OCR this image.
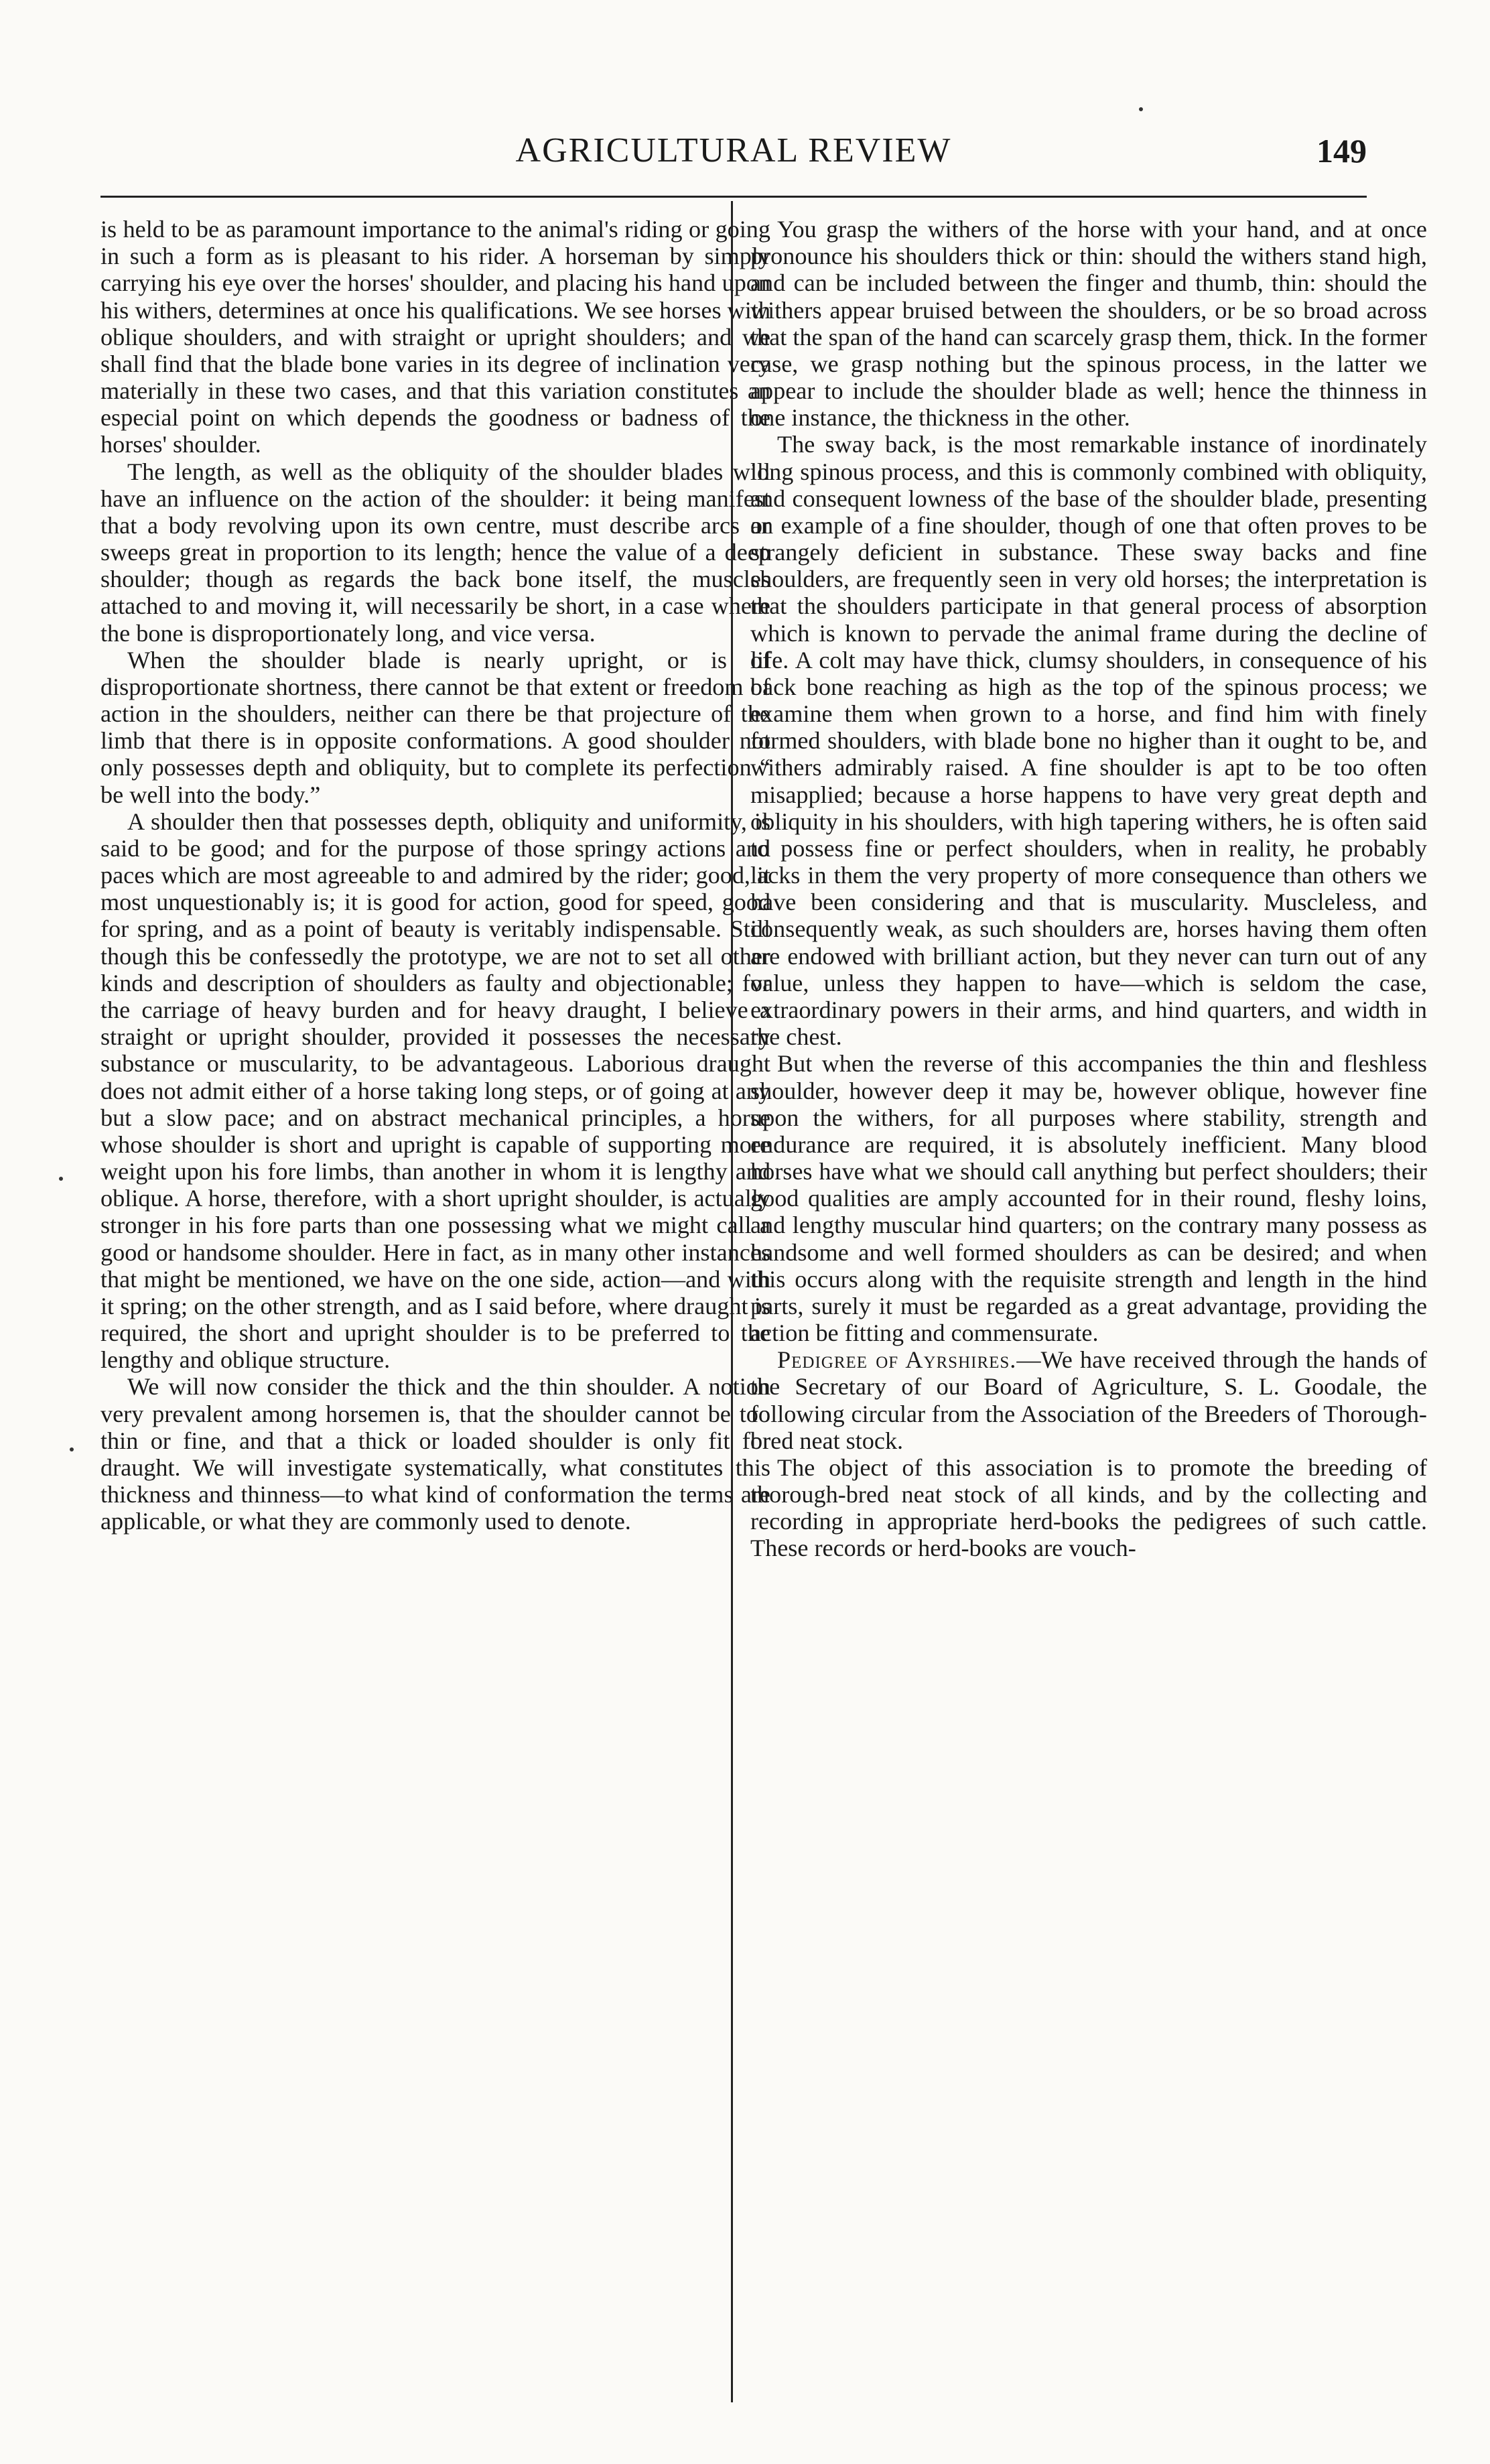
AGRICULTURAL REVIEW	149

is held to be as paramount importance to the animal's riding or going in such a form as is pleasant to his rider. A horseman by simply carrying his eye over the horses' shoulder, and placing his hand upon his withers, determines at once his qualifications. We see horses with oblique shoulders, and with straight or upright shoulders; and we shall find that the blade bone varies in its degree of inclination very materially in these two cases, and that this variation constitutes an especial point on which depends the goodness or badness of the horses' shoulder.

The length, as well as the obliquity of the shoulder blades will have an influence on the action of the shoulder: it being manifest that a body revolving upon its own centre, must describe arcs or sweeps great in proportion to its length; hence the value of a deep shoulder; though as regards the back bone itself, the muscles attached to and moving it, will necessarily be short, in a case where the bone is disproportionately long, and vice versa.

When the shoulder blade is nearly upright, or is of disproportionate shortness, there cannot be that extent or freedom of action in the shoulders, neither can there be that projecture of the limb that there is in opposite conformations. A good shoulder not only possesses depth and obliquity, but to complete its perfection “ be well into the body.”

A shoulder then that possesses depth, obliquity and uniformity, is said to be good; and for the purpose of those springy actions and paces which are most agreeable to and admired by the rider; good, it most unquestionably is; it is good for action, good for speed, good for spring, and as a point of beauty is veritably indispensable. Still though this be confessedly the prototype, we are not to set all other kinds and description of shoulders as faulty and objectionable; for the carriage of heavy burden and for heavy draught, I believe a straight or upright shoulder, provided it possesses the necessary substance or muscularity, to be advantageous. Laborious draught does not admit either of a horse taking long steps, or of going at any but a slow pace; and on abstract mechanical principles, a horse whose shoulder is short and upright is capable of supporting more weight upon his fore limbs, than another in whom it is lengthy and oblique. A horse, therefore, with a short upright shoulder, is actually stronger in his fore parts than one possessing what we might call a good or handsome shoulder. Here in fact, as in many other instances that might be mentioned, we have on the one side, action—and with it spring; on the other strength, and as I said before, where draught is required, the short and upright shoulder is to be preferred to the lengthy and oblique structure.

We will now consider the thick and the thin shoulder. A notion very prevalent among horsemen is, that the shoulder cannot be too thin or fine, and that a thick or loaded shoulder is only fit for draught. We will investigate systematically, what constitutes this thickness and thinness—to what kind of conformation the terms are applicable, or what they are commonly used to denote.

You grasp the withers of the horse with your hand, and at once pronounce his shoulders thick or thin: should the withers stand high, and can be included between the finger and thumb, thin: should the withers appear bruised between the shoulders, or be so broad across that the span of the hand can scarcely grasp them, thick. In the former case, we grasp nothing but the spinous process, in the latter we appear to include the shoulder blade as well; hence the thinness in one instance, the thickness in the other.

The sway back, is the most remarkable instance of inordinately long spinous process, and this is commonly combined with obliquity, and consequent lowness of the base of the shoulder blade, presenting an example of a fine shoulder, though of one that often proves to be strangely deficient in substance. These sway backs and fine shoulders, are frequently seen in very old horses; the interpretation is that the shoulders participate in that general process of absorption which is known to pervade the animal frame during the decline of life. A colt may have thick, clumsy shoulders, in consequence of his back bone reaching as high as the top of the spinous process; we examine them when grown to a horse, and find him with finely formed shoulders, with blade bone no higher than it ought to be, and withers admirably raised. A fine shoulder is apt to be too often misapplied; because a horse happens to have very great depth and obliquity in his shoulders, with high tapering withers, he is often said to possess fine or perfect shoulders, when in reality, he probably lacks in them the very property of more consequence than others we have been considering and that is muscularity. Muscleless, and consequently weak, as such shoulders are, horses having them often are endowed with brilliant action, but they never can turn out of any value, unless they happen to have—which is seldom the case, extraordinary powers in their arms, and hind quarters, and width in the chest.

But when the reverse of this accompanies the thin and fleshless shoulder, however deep it may be, however oblique, however fine upon the withers, for all purposes where stability, strength and endurance are required, it is absolutely inefficient. Many blood horses have what we should call anything but perfect shoulders; their good qualities are amply accounted for in their round, fleshy loins, and lengthy muscular hind quarters; on the contrary many possess as handsome and well formed shoulders as can be desired; and when this occurs along with the requisite strength and length in the hind parts, surely it must be regarded as a great advantage, providing the action be fitting and commensurate.

Pedigree of Ayrshires.—We have received through the hands of the Secretary of our Board of Agriculture, S. L. Goodale, the following circular from the Association of the Breeders of Thorough-bred neat stock.

The object of this association is to promote the breeding of thorough-bred neat stock of all kinds, and by the collecting and recording in appropriate herd-books the pedigrees of such cattle. These records or herd-books are vouch-
